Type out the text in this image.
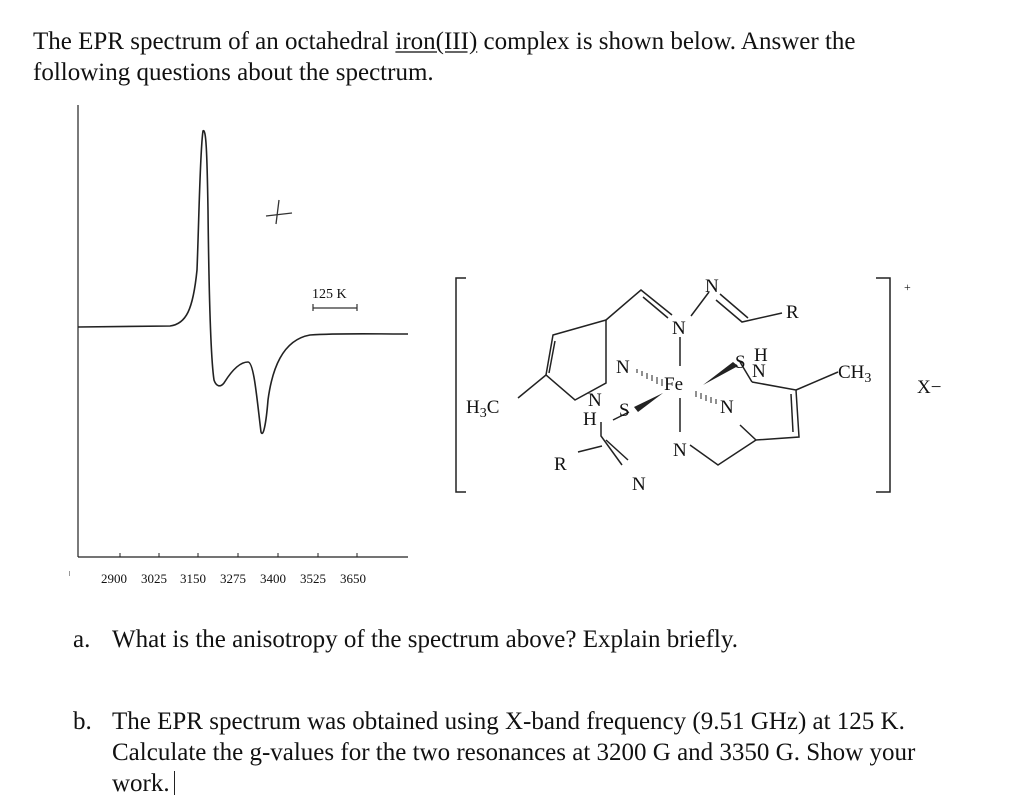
The EPR spectrum of an octahedral iron(III) complex is shown below. Answer the
following questions about the spectrum.
2900 3025 3150 3275 3400 3525 3650
125 K	N
N
R
N
Fe
S H
N
N
N
H S
N
N
R
$H_3C$
$CH_3$
+
X−
a. What is the anisotropy of the spectrum above? Explain briefly.
b. The EPR spectrum was obtained using X-band frequency (9.51 GHz) at 125 K.
Calculate the g-values for the two resonances at 3200 G and 3350 G. Show your
work.
